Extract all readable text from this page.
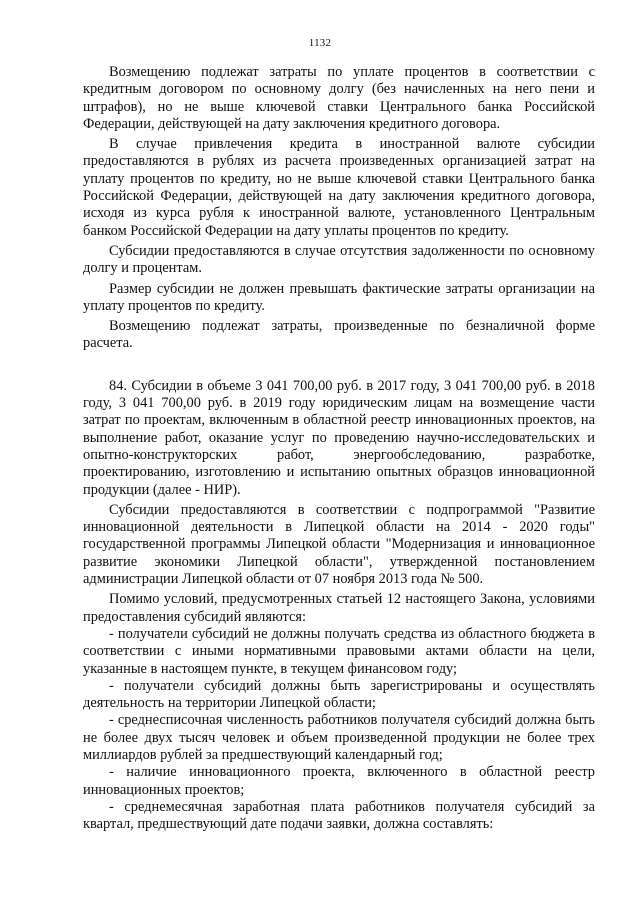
1132

Возмещению подлежат затраты по уплате процентов в соответствии с кредитным договором по основному долгу (без начисленных на него пени и штрафов), но не выше ключевой ставки Центрального банка Российской Федерации, действующей на дату заключения кредитного договора.

В случае привлечения кредита в иностранной валюте субсидии предоставляются в рублях из расчета произведенных организацией затрат на уплату процентов по кредиту, но не выше ключевой ставки Центрального банка Российской Федерации, действующей на дату заключения кредитного договора, исходя из курса рубля к иностранной валюте, установленного Центральным банком Российской Федерации на дату уплаты процентов по кредиту.

Субсидии предоставляются в случае отсутствия задолженности по основному долгу и процентам.

Размер субсидии не должен превышать фактические затраты организации на уплату процентов по кредиту.

Возмещению подлежат затраты, произведенные по безналичной форме расчета.

84. Субсидии в объеме 3 041 700,00 руб. в 2017 году, 3 041 700,00 руб. в 2018 году, 3 041 700,00 руб. в 2019 году юридическим лицам на возмещение части затрат по проектам, включенным в областной реестр инновационных проектов, на выполнение работ, оказание услуг по проведению научно-исследовательских и опытно-конструкторских работ, энергообследованию, разработке, проектированию, изготовлению и испытанию опытных образцов инновационной продукции (далее - НИР).

Субсидии предоставляются в соответствии с подпрограммой "Развитие инновационной деятельности в Липецкой области на 2014 - 2020 годы" государственной программы Липецкой области "Модернизация и инновационное развитие экономики Липецкой области", утвержденной постановлением администрации Липецкой области от 07 ноября 2013 года № 500.

Помимо условий, предусмотренных статьей 12 настоящего Закона, условиями предоставления субсидий являются:

- получатели субсидий не должны получать средства из областного бюджета в соответствии с иными нормативными правовыми актами области на цели, указанные в настоящем пункте, в текущем финансовом году;

- получатели субсидий должны быть зарегистрированы и осуществлять деятельность на территории Липецкой области;

- среднесписочная численность работников получателя субсидий должна быть не более двух тысяч человек и объем произведенной продукции не более трех миллиардов рублей за предшествующий календарный год;

- наличие инновационного проекта, включенного в областной реестр инновационных проектов;

- среднемесячная заработная плата работников получателя субсидий за квартал, предшествующий дате подачи заявки, должна составлять:
